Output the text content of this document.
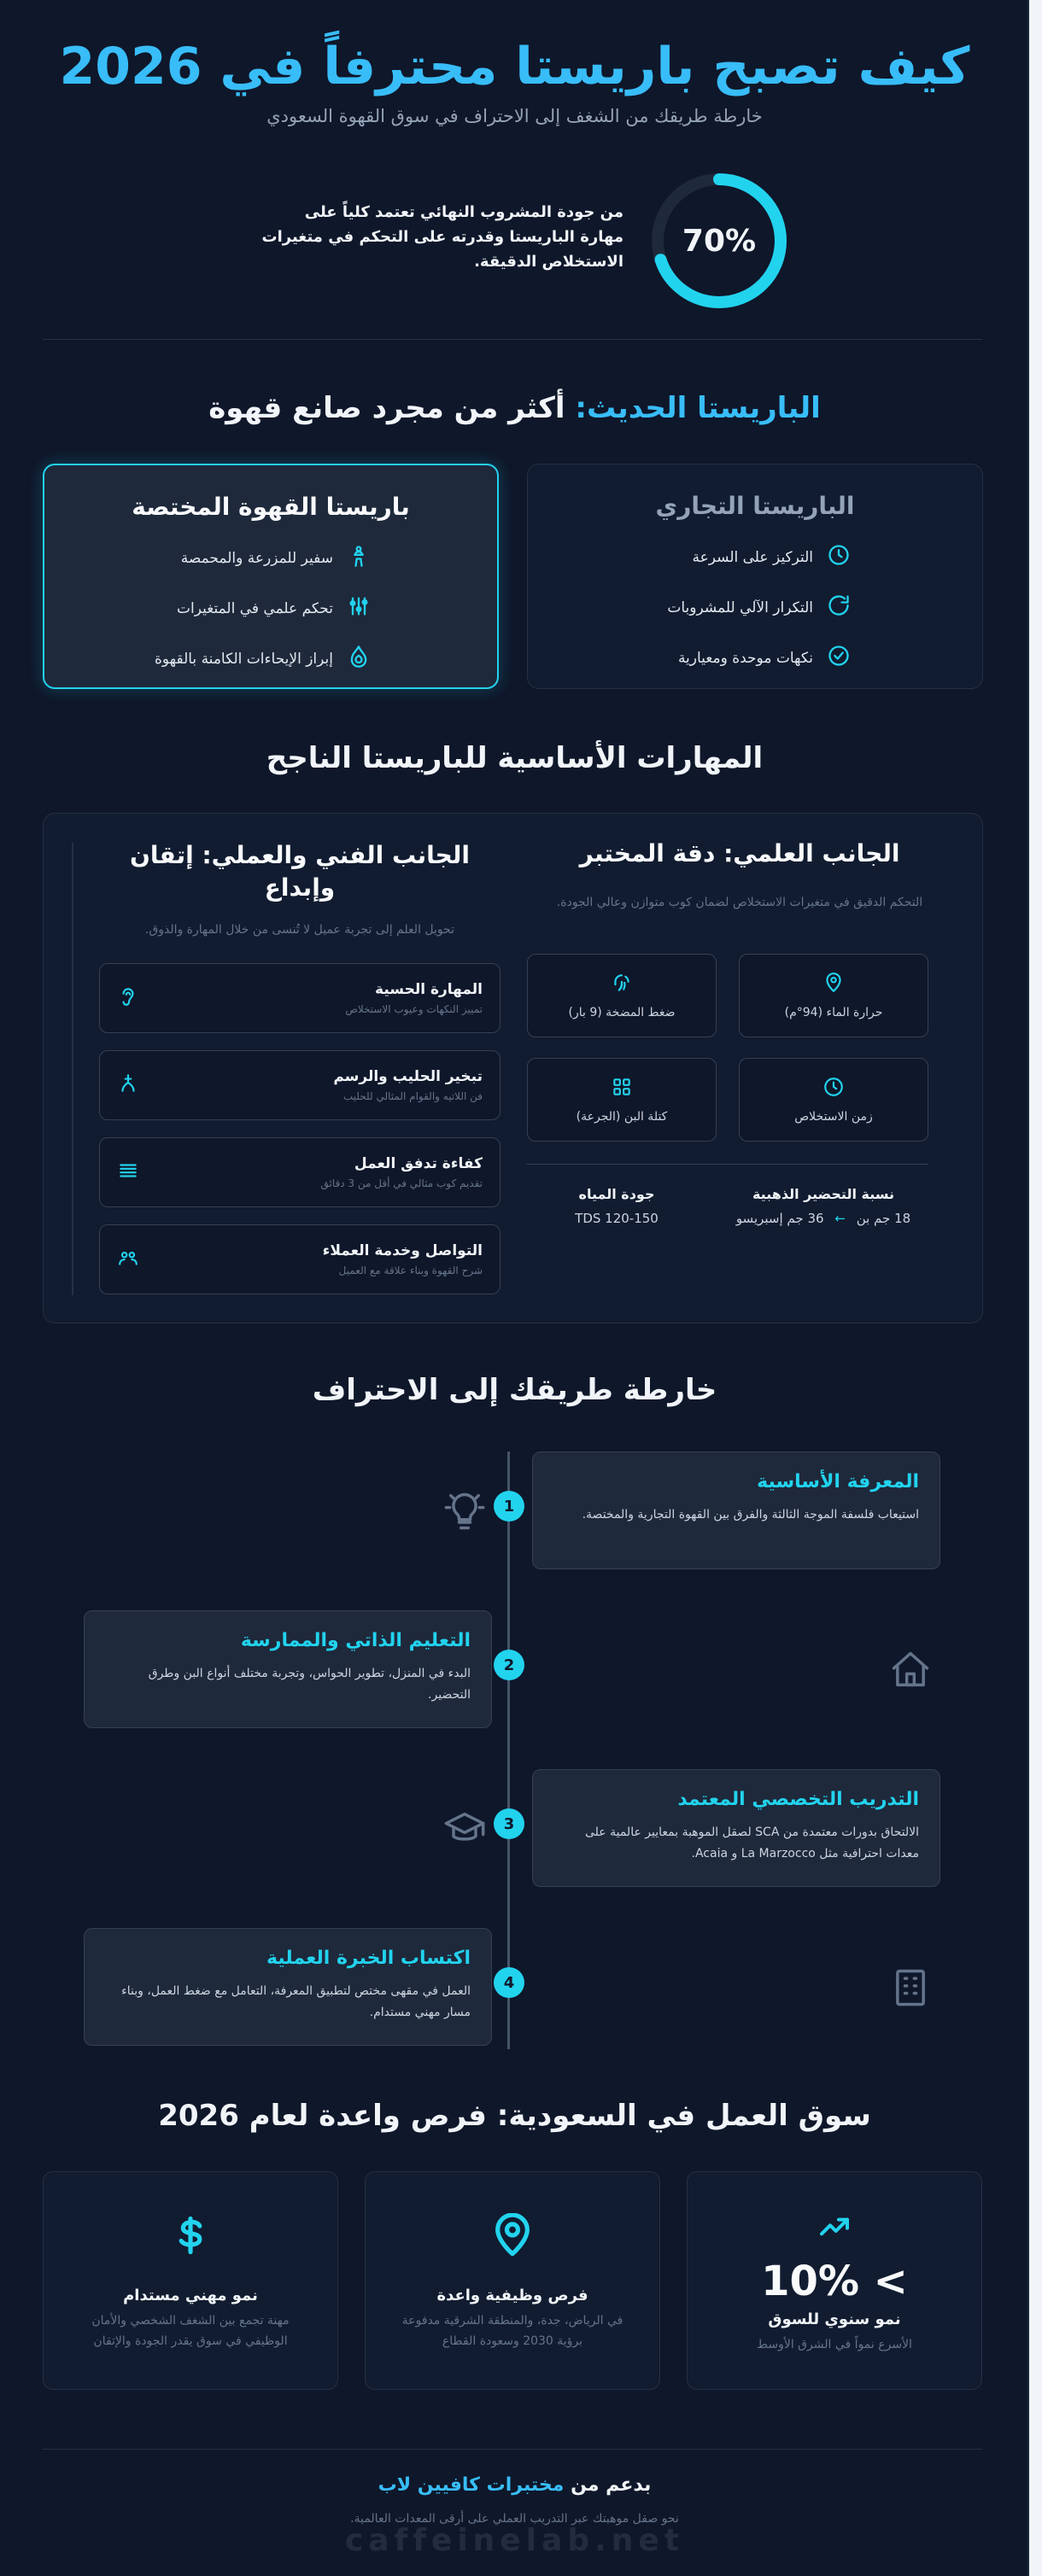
كيف تصبح باريستا محترفاً في 2026
خارطة طريقك من الشغف إلى الاحتراف في سوق القهوة السعودي
70%
من جودة المشروب النهائي تعتمد كلياً على مهارة الباريستا وقدرته على التحكم في متغيرات الاستخلاص الدقيقة.
الباريستا الحديث: أكثر من مجرد صانع قهوة
باريستا القهوة المختصة
سفير للمزرعة والمحمصة
تحكم علمي في المتغيرات
إبراز الإيحاءات الكامنة بالقهوة
الباريستا التجاري
التركيز على السرعة
التكرار الآلي للمشروبات
نكهات موحدة ومعيارية
المهارات الأساسية للباريستا الناجح
الجانب العلمي: دقة المختبر
التحكم الدقيق في متغيرات الاستخلاص لضمان كوب متوازن وعالي الجودة.
حرارة الماء (94°م)
ضغط المضخة (9 بار)
زمن الاستخلاص
كتلة البن (الجرعة)
نسبة التحضير الذهبية
18 جم بن ← 36 جم إسبريسو
جودة المياه
TDS 120-150
الجانب الفني والعملي: إتقان وإبداع
تحويل العلم إلى تجربة عميل لا تُنسى من خلال المهارة والذوق.
المهارة الحسية
تمييز النكهات وعيوب الاستخلاص
تبخير الحليب والرسم
فن اللاتيه والقوام المثالي للحليب
كفاءة تدفق العمل
تقديم كوب مثالي في أقل من 3 دقائق
التواصل وخدمة العملاء
شرح القهوة وبناء علاقة مع العميل
خارطة طريقك إلى الاحتراف
1
المعرفة الأساسية
استيعاب فلسفة الموجة الثالثة والفرق بين القهوة التجارية والمختصة.
2
التعليم الذاتي والممارسة
البدء في المنزل، تطوير الحواس، وتجربة مختلف أنواع البن وطرق التحضير.
3
التدريب التخصصي المعتمد
الالتحاق بدورات معتمدة من SCA لصقل الموهبة بمعايير عالمية على معدات احترافية مثل La Marzocco و Acaia.
4
اكتساب الخبرة العملية
العمل في مقهى مختص لتطبيق المعرفة، التعامل مع ضغط العمل، وبناء مسار مهني مستدام.
سوق العمل في السعودية: فرص واعدة لعام 2026
10% <
نمو سنوي للسوق
الأسرع نمواً في الشرق الأوسط
فرص وظيفية واعدة
في الرياض، جدة، والمنطقة الشرقية مدفوعة برؤية 2030 وسعودة القطاع
نمو مهني مستدام
مهنة تجمع بين الشغف الشخصي والأمان الوظيفي في سوق يقدر الجودة والإتقان
بدعم من مختبرات كافيين لاب
نحو صقل موهبتك عبر التدريب العملي على أرقى المعدات العالمية.
caffeinelab.net
